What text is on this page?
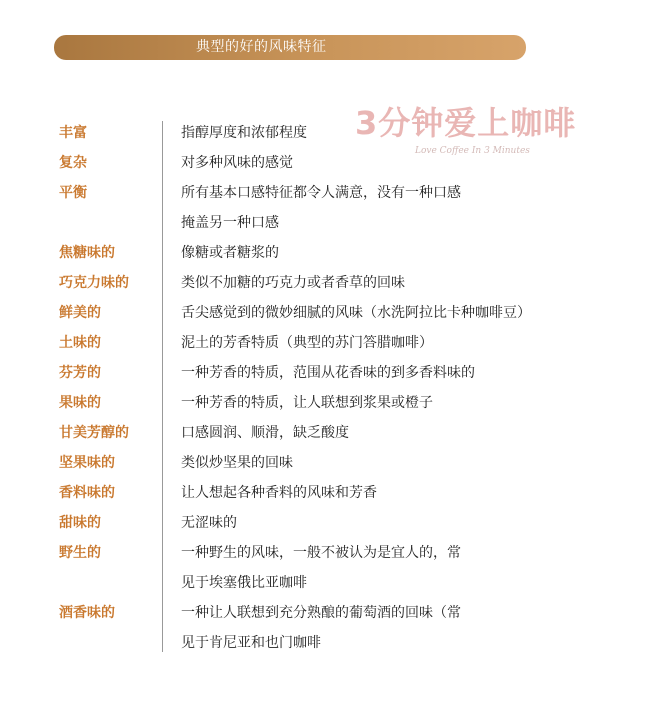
典型的好的风味特征
3分钟爱上咖啡
Love Coffee In 3 Minutes
丰富	指醇厚度和浓郁程度
复杂	对多种风味的感觉
平衡	所有基本口感特征都令人满意，没有一种口感
掩盖另一种口感
焦糖味的	像糖或者糖浆的
巧克力味的	类似不加糖的巧克力或者香草的回味
鲜美的	舌尖感觉到的微妙细腻的风味（水洗阿拉比卡种咖啡豆）
土味的	泥土的芳香特质（典型的苏门答腊咖啡）
芬芳的	一种芳香的特质，范围从花香味的到多香料味的
果味的	一种芳香的特质，让人联想到浆果或橙子
甘美芳醇的	口感圆润、顺滑，缺乏酸度
坚果味的	类似炒坚果的回味
香料味的	让人想起各种香料的风味和芳香
甜味的	无涩味的
野生的	一种野生的风味，一般不被认为是宜人的，常
见于埃塞俄比亚咖啡
酒香味的	一种让人联想到充分熟酿的葡萄酒的回味（常
见于肯尼亚和也门咖啡
